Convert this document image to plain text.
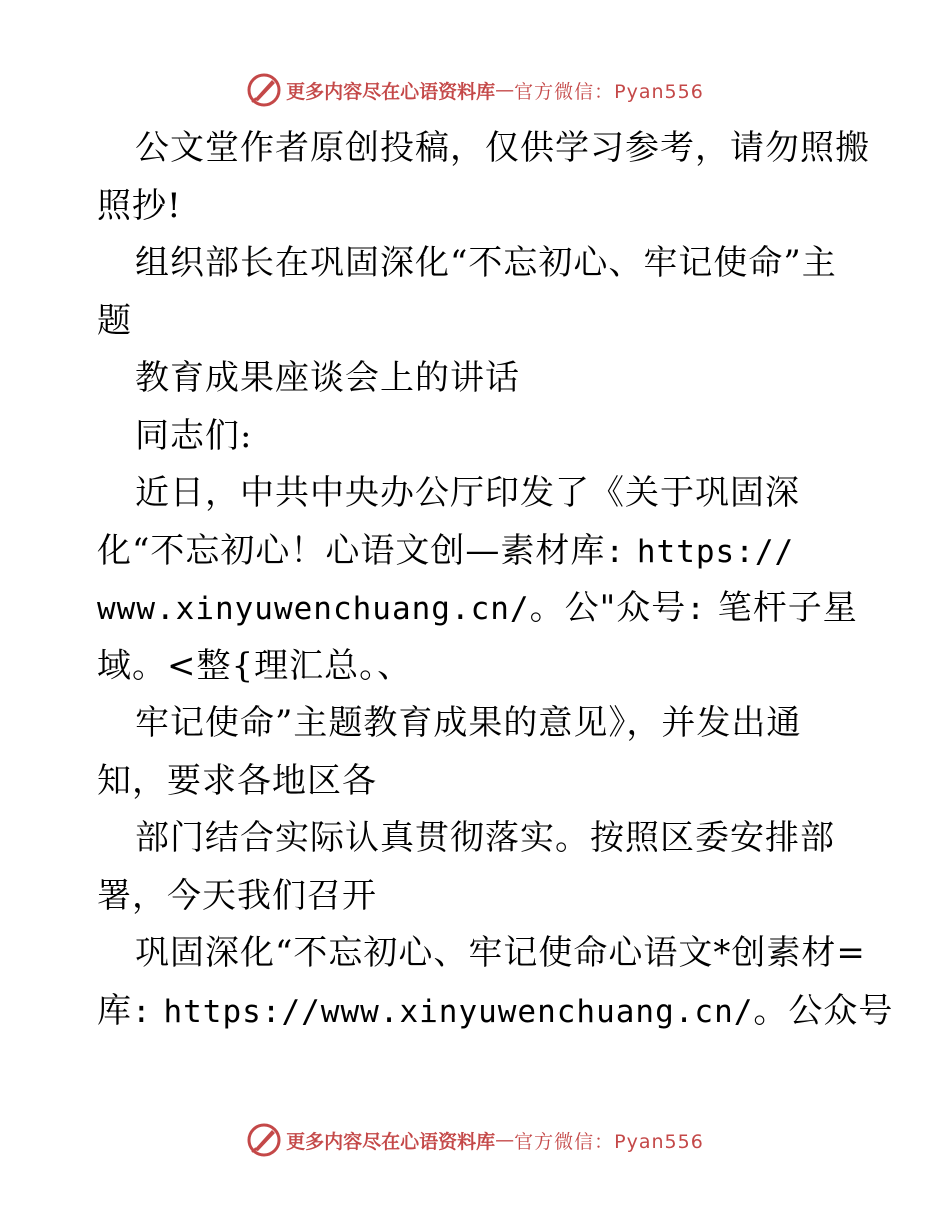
更多内容尽在心语资料库 — 官方微信：Pyan556
公文堂作者原创投稿，仅供学习参考，请勿照搬
照抄!
组织部长在巩固深化“不忘初心、牢记使命”主
题
教育成果座谈会上的讲话
同志们:
近日，中共中央办公厅印发了《关于巩固深
化“不忘初心！心语文创—素材库: https://
www.xinyuwenchuang.cn/。公"众号: 笔杆子星
域。<整{理汇总。、
牢记使命”主题教育成果的意见》，并发出通
知，要求各地区各
部门结合实际认真贯彻落实。按照区委安排部
署，今天我们召开
巩固深化“不忘初心、牢记使命心语文*创素材=
库: https://www.xinyuwenchuang.cn/。公众号
更多内容尽在心语资料库 — 官方微信：Pyan556
